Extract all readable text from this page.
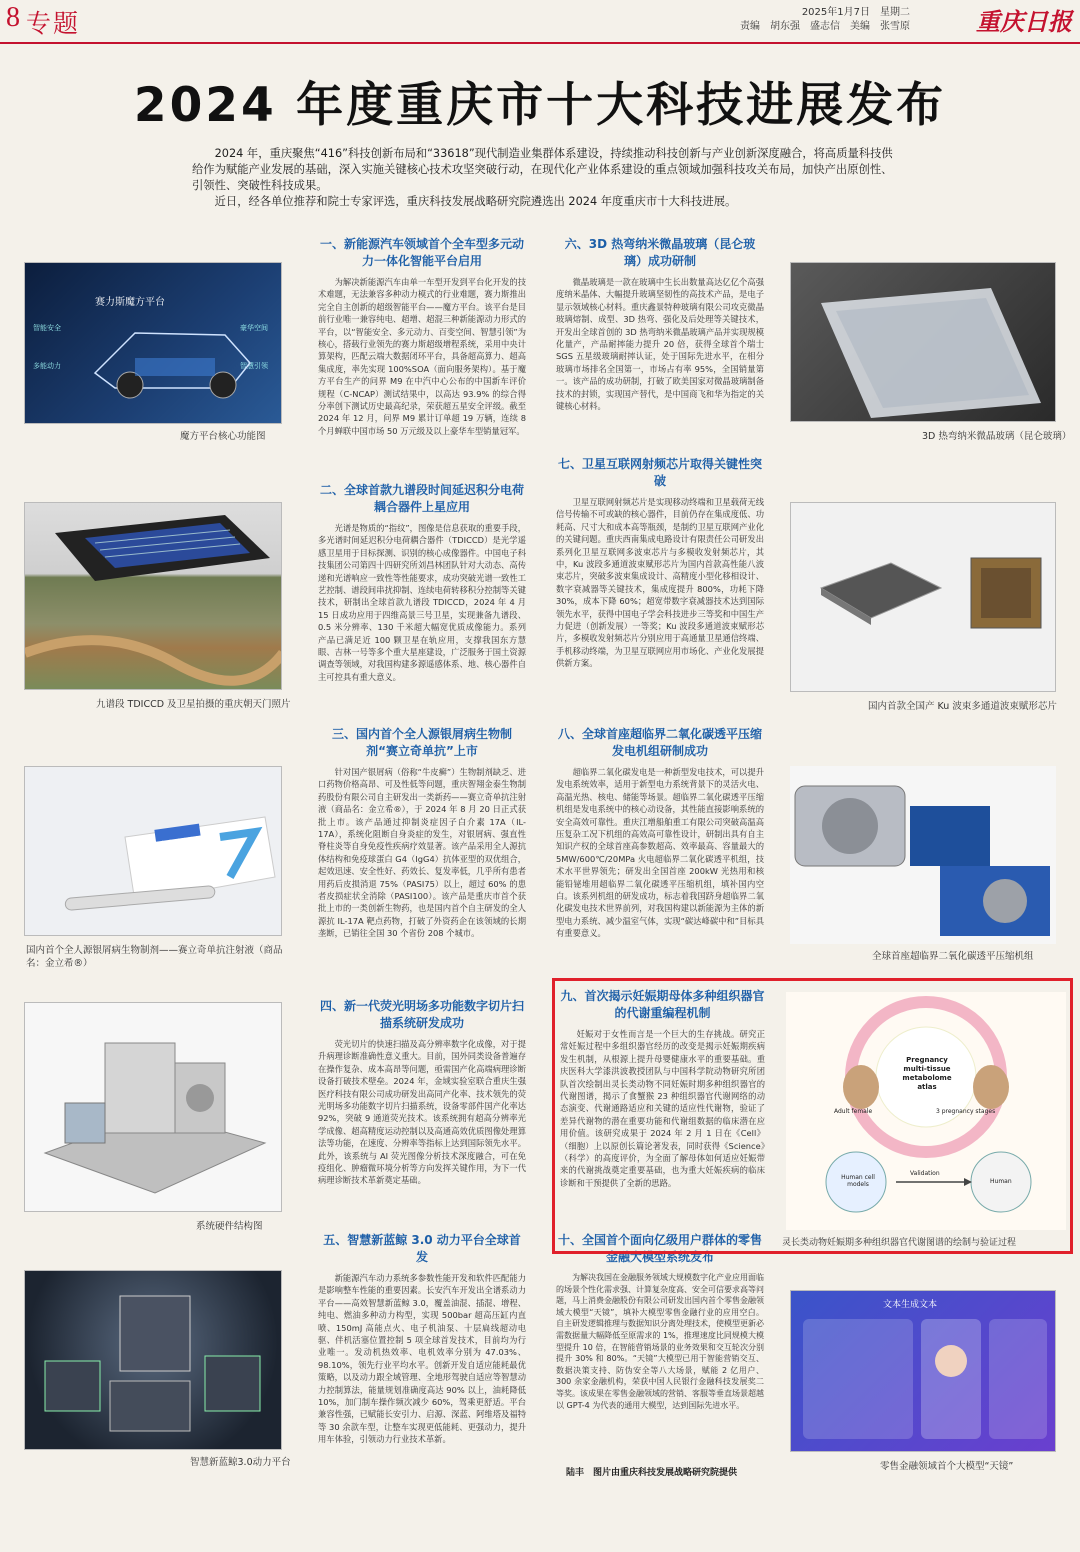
8 专题	2025年1月7日　星期二
责编　胡东强　盛志信　美编　张雪原	重庆日报
2024 年度重庆市十大科技进展发布

2024 年，重庆聚焦“416”科技创新布局和“33618”现代制造业集群体系建设，持续推动科技创新与产业创新深度融合，将高质量科技供给作为赋能产业发展的基础，深入实施关键核心技术攻坚突破行动，在现代化产业体系建设的重点领域加强科技攻关布局，加快产出原创性、引领性、突破性科技成果。

近日，经各单位推荐和院士专家评选，重庆科技发展战略研究院遴选出 2024 年度重庆市十大科技进展。

赛力斯魔方平台
智能安全	豪华空间
多能动力	智慧引领
魔方平台核心功能图
九谱段 TDICCD 及卫星拍摄的重庆朝天门照片
赛立奇单抗注射液
国内首个全人源银屑病生物制剂——赛立奇单抗注射液（商品名：金立希®）
系统硬件结构图
智慧新蓝鲸3.0动力平台
3D 热弯纳米微晶玻璃（昆仑玻璃）
国内首款全国产 Ku 波束多通道波束赋形芯片
全球首座超临界二氧化碳透平压缩机组
Pregnancy multi-tissue metabolome atlas
Adult female	3 pregnancy stages
Human cell models
Validation
Human
灵长类动物妊娠期多种组织器官代谢图谱的绘制与验证过程
文本生成文本
零售金融领域首个大模型“天镜”
一、新能源汽车领域首个全车型多元动力一体化智能平台启用

为解决新能源汽车由单一车型开发到平台化开发的技术难题，无法兼容多种动力模式的行业难题，赛力斯推出完全自主创新的超级智能平台——魔方平台。该平台是目前行业唯一兼容纯电、超增、超混三种新能源动力形式的平台，以“智能安全、多元动力、百变空间、智慧引领”为核心，搭载行业领先的赛力斯超级增程系统，采用中央计算架构，匹配云端大数据闭环平台，具备超高算力、超高集成度，率先实现 100%SOA（面向服务架构）。基于魔方平台生产的问界 M9 在中汽中心公布的中国新车评价规程（C-NCAP）测试结果中，以高达 93.9% 的综合得分率创下测试历史最高纪录，荣获超五星安全评级。截至 2024 年 12 月，问界 M9 累计订单超 19 万辆，连续 8 个月蝉联中国市场 50 万元级及以上豪华车型销量冠军。

二、全球首款九谱段时间延迟积分电荷耦合器件上星应用

光谱是物质的“指纹”，图像是信息获取的重要手段，多光谱时间延迟积分电荷耦合器件（TDICCD）是光学遥感卫星用于目标探测、识别的核心成像器件。中国电子科技集团公司第四十四研究所刘昌林团队针对大动态、高传递和光谱响应一致性等性能要求，成功突破光谱一致性工艺控制、谱段间串扰抑制、连续电荷转移积分控制等关键技术，研制出全球首款九谱段 TDICCD，2024 年 4 月 15 日成功应用于四维高景三号卫星，实现兼备九谱段、0.5 米分辨率、130 千米超大幅宽优质成像能力。系列产品已满足近 100 颗卫星在轨应用，支撑我国东方慧眼、吉林一号等多个重大星座建设，广泛服务于国土资源调查等领域，对我国构建多源遥感体系、地、核心器件自主可控具有重大意义。

三、国内首个全人源银屑病生物制剂“赛立奇单抗”上市

针对国产银屑病（俗称“牛皮癣”）生物制剂缺乏、进口药物价格高昂、可及性低等问题，重庆智翔金泰生物制药股份有限公司自主研发出一类新药——赛立奇单抗注射液（商品名：金立希®），于 2024 年 8 月 20 日正式获批上市。该产品通过抑制炎症因子白介素 17A（IL-17A），系统化阻断自身炎症的发生，对银屑病、强直性脊柱炎等自身免疫性疾病疗效显著。该产品采用全人源抗体结构和免疫球蛋白 G4（IgG4）抗体亚型的双优组合，起效迅速、安全性好、药效长、复发率低，几乎所有患者用药后皮损消退 75%（PASI75）以上，超过 60% 的患者皮损症状全消除（PASI100）。该产品是重庆市首个获批上市的一类创新生物药，也是国内首个自主研发的全人源抗 IL-17A 靶点药物，打破了外资药企在该领域的长期垄断，已销往全国 30 个省份 208 个城市。

四、新一代荧光明场多功能数字切片扫描系统研发成功

荧光切片的快速扫描及高分辨率数字化成像，对于提升病理诊断准确性意义重大。目前，国外同类设备普遍存在操作复杂、成本高昂等问题，亟需国产化高端病理诊断设备打破技术壁垒。2024 年，金域实验室联合重庆生强医疗科技有限公司成功研发出高同产化率、技术领先的荧光明场多功能数字切片扫描系统，设备零部件国产化率达 92%，突破 9 通道荧光技术。该系统拥有超高分辨率光学成像、超高精度运动控制以及高通高效优质图像处理算法等功能，在速度、分辨率等指标上达到国际领先水平。此外，该系统与 AI 荧光图像分析技术深度融合，可在免疫组化、肿瘤微环境分析等方向发挥关键作用，为下一代病理诊断技术革新奠定基础。

五、智慧新蓝鲸 3.0 动力平台全球首发

新能源汽车动力系统多参数性能开发和软件匹配能力是影响整车性能的重要因素。长安汽车开发出全谱系动力平台——高效智慧新蓝鲸 3.0，覆盖油混、插混、增程、纯电、燃油多种动力构型，实现 500bar 超高压缸内直喷、150mJ 高能点火、电子机油泵、十层扁线超动电驱、伴机活塞位置控制 5 项全球首发技术，目前均为行业唯一。发动机热效率、电机效率分别为 47.03%、98.10%，领先行业平均水平。创新开发自适应能耗最优策略，以及动力跟全域管理、全地形驾驶自适应等智慧动力控制算法，能量规划准确度高达 90% 以上，油耗降低 10%，加门制车操作频次减少 60%，驾乘更舒适。平台兼容性强，已赋能长安引力、启源、深蓝、阿维塔及福特等 30 余款车型，让整车实现更低能耗、更强动力，提升用车体验，引领动力行业技术革新。

六、3D 热弯纳米微晶玻璃（昆仑玻璃）成功研制

微晶玻璃是一款在玻璃中生长出数量高达亿亿个高强度纳米晶体、大幅提升玻璃坚韧性的高技术产品，是电子显示领域核心材料。重庆鑫景特种玻璃有限公司攻克微晶玻璃熔制、成型、3D 热弯、强化及后处理等关键技术，开发出全球首创的 3D 热弯纳米微晶玻璃产品并实现规模化量产，产品耐摔能力提升 20 倍，获得全球首个瑞士 SGS 五星级玻璃耐摔认证，处于国际先进水平，在相分玻璃市场排名全国第一，市场占有率 95%，全国销量第一。该产品的成功研制，打破了欧美国家对微晶玻璃制备技术的封锁，实现国产替代，是中国商飞和华为指定的关键核心材料。

七、卫星互联网射频芯片取得关键性突破

卫星互联网射频芯片是实现移动终端和卫星载荷无线信号传输不可或缺的核心器件，目前仍存在集成度低、功耗高、尺寸大和成本高等瓶颈，是制约卫星互联网产业化的关键问题。重庆西南集成电路设计有限责任公司研发出系列化卫星互联网多波束芯片与多模收发射频芯片，其中，Ku 波段多通道波束赋形芯片为国内首款高性能八波束芯片，突破多波束集成设计、高精度小型化移相设计、数字衰减器等关键技术，集成度提升 800%，功耗下降 30%，成本下降 60%；超宽带数字衰减器技术达到国际领先水平，获得中国电子学会科技进步三等奖和中国生产力促进（创新发展）一等奖；Ku 波段多通道波束赋形芯片，多模收发射频芯片分别应用于高通量卫星通信终端、手机移动终端，为卫星互联网应用市场化、产业化发展提供新方案。

八、全球首座超临界二氧化碳透平压缩发电机组研制成功

超临界二氧化碳发电是一种新型发电技术，可以提升发电系统效率，适用于新型电力系统背景下的灵活火电、高温光热、核电、储能等场景。超临界二氧化碳透平压缩机组是发电系统中的核心动设备，其性能直接影响系统的安全高效可靠性。重庆江增船舶重工有限公司突破高温高压复杂工况下机组的高效高可靠性设计，研制出具有自主知识产权的全球首座高参数超高、效率最高、容量最大的 5MW/600℃/20MPa 火电超临界二氧化碳透平机组，技术水平世界领先；研发出全国首座 200kW 光热用和核能铅铋堆用超临界二氧化碳透平压缩机组，填补国内空白。该系列机组的研发成功，标志着我国跻身超临界二氧化碳发电技术世界前列，对我国构建以新能源为主体的新型电力系统、减少温室气体，实现“碳达峰碳中和”目标具有重要意义。

九、首次揭示妊娠期母体多种组织器官的代谢重编程机制

妊娠对于女性而言是一个巨大的生存挑战。研究正常妊娠过程中多组织器官经历的改变是揭示妊娠期疾病发生机制，从根源上提升母婴健康水平的重要基础。重庆医科大学漆洪波教授团队与中国科学院动物研究所团队首次绘制出灵长类动物不同妊娠时期多种组织器官的代谢图谱，揭示了食蟹猴 23 种组织器官代谢网络的动态演变、代谢通路适应和关键的适应性代谢物，验证了差异代谢物的潜在重要功能和代谢组数据的临床潜在应用价值。该研究成果于 2024 年 2 月 1 日在《Cell》（细胞）上以原创长篇论著发表，同时获得《Science》（科学）的高度评价，为全面了解母体如何适应妊娠带来的代谢挑战奠定重要基础，也为重大妊娠疾病的临床诊断和干预提供了全新的思路。

十、全国首个面向亿级用户群体的零售金融大模型系统发布

为解决我国在金融服务领域大规模数字化产业应用面临的场景个性化需求强、计算复杂度高、安全可信要求高等问题，马上消费金融股份有限公司研发出国内首个零售金融领域大模型“天镜”，填补大模型零售金融行业的应用空白。自主研发逻辑推理与数据知识分离处理技术，使模型更新必需数据量大幅降低至原需求的 1%，推理速度比同规模大模型提升 10 倍，在智能营销场景的业务效果和交互轮次分别提升 30% 和 80%。“天镜”大模型已用于智能营销交互、数据决策支持、防伪安全等八大场景，赋能 2 亿用户、300 余家金融机构，荣获中国人民银行金融科技发展奖二等奖。该成果在零售金融领域的营销、客服等垂直场景超越以 GPT-4 为代表的通用大模型，达到国际先进水平。

陆丰　图片由重庆科技发展战略研究院提供
